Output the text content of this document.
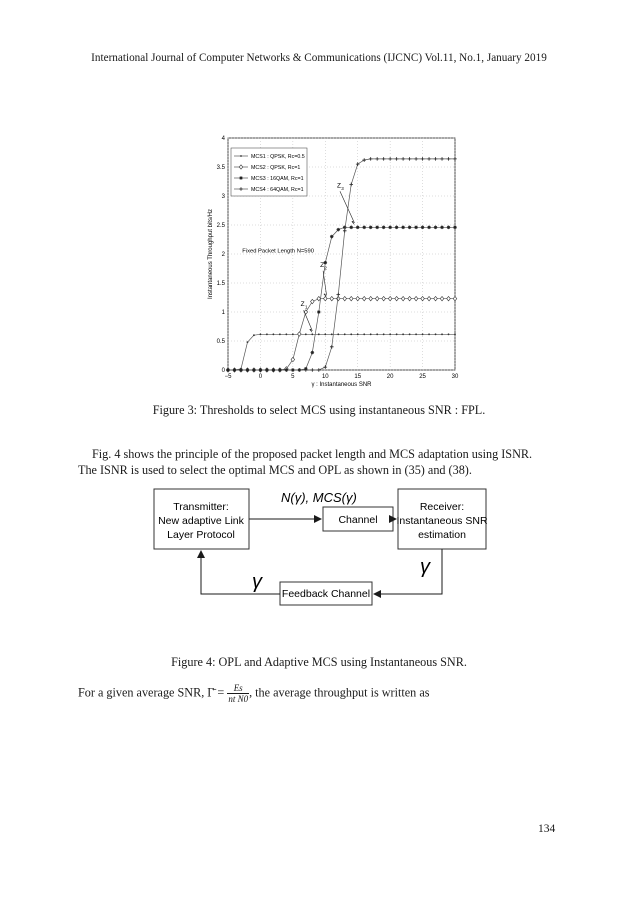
International Journal of Computer Networks & Communications (IJCNC) Vol.11, No.1, January 2019
−5	0	5	10	15	20	25	30
0
0.5
1
1.5
2
2.5
3
3.5
4
γ : Instantaneous SNR
Instantaneous Throughput bits/Hz
MCS1 : QPSK, Rc=0.5
MCS2 : QPSK, Rc=1
MCS3 : 16QAM, Rc=1
MCS4 : 64QAM, Rc=1
Fixed Packet Length N=590
Z 1
Z 2
Z 3
Figure 3: Thresholds to select MCS using instantaneous SNR : FPL.
Fig. 4 shows the principle of the proposed packet length and MCS adaptation using ISNR.
The ISNR is used to select the optimal MCS and OPL as shown in (35) and (38).
Transmitter:
New adaptive Link
Layer Protocol
Channel
Receiver:
Instantaneous SNR
estimation
N(γ), MCS(γ)
Feedback Channel
γ
γ
Figure 4: OPL and Adaptive MCS using Instantaneous SNR.
For a given average SNR, Γ̄ = $\frac{Es}{\text{nt N0}}$ , the average throughput is written as
134
